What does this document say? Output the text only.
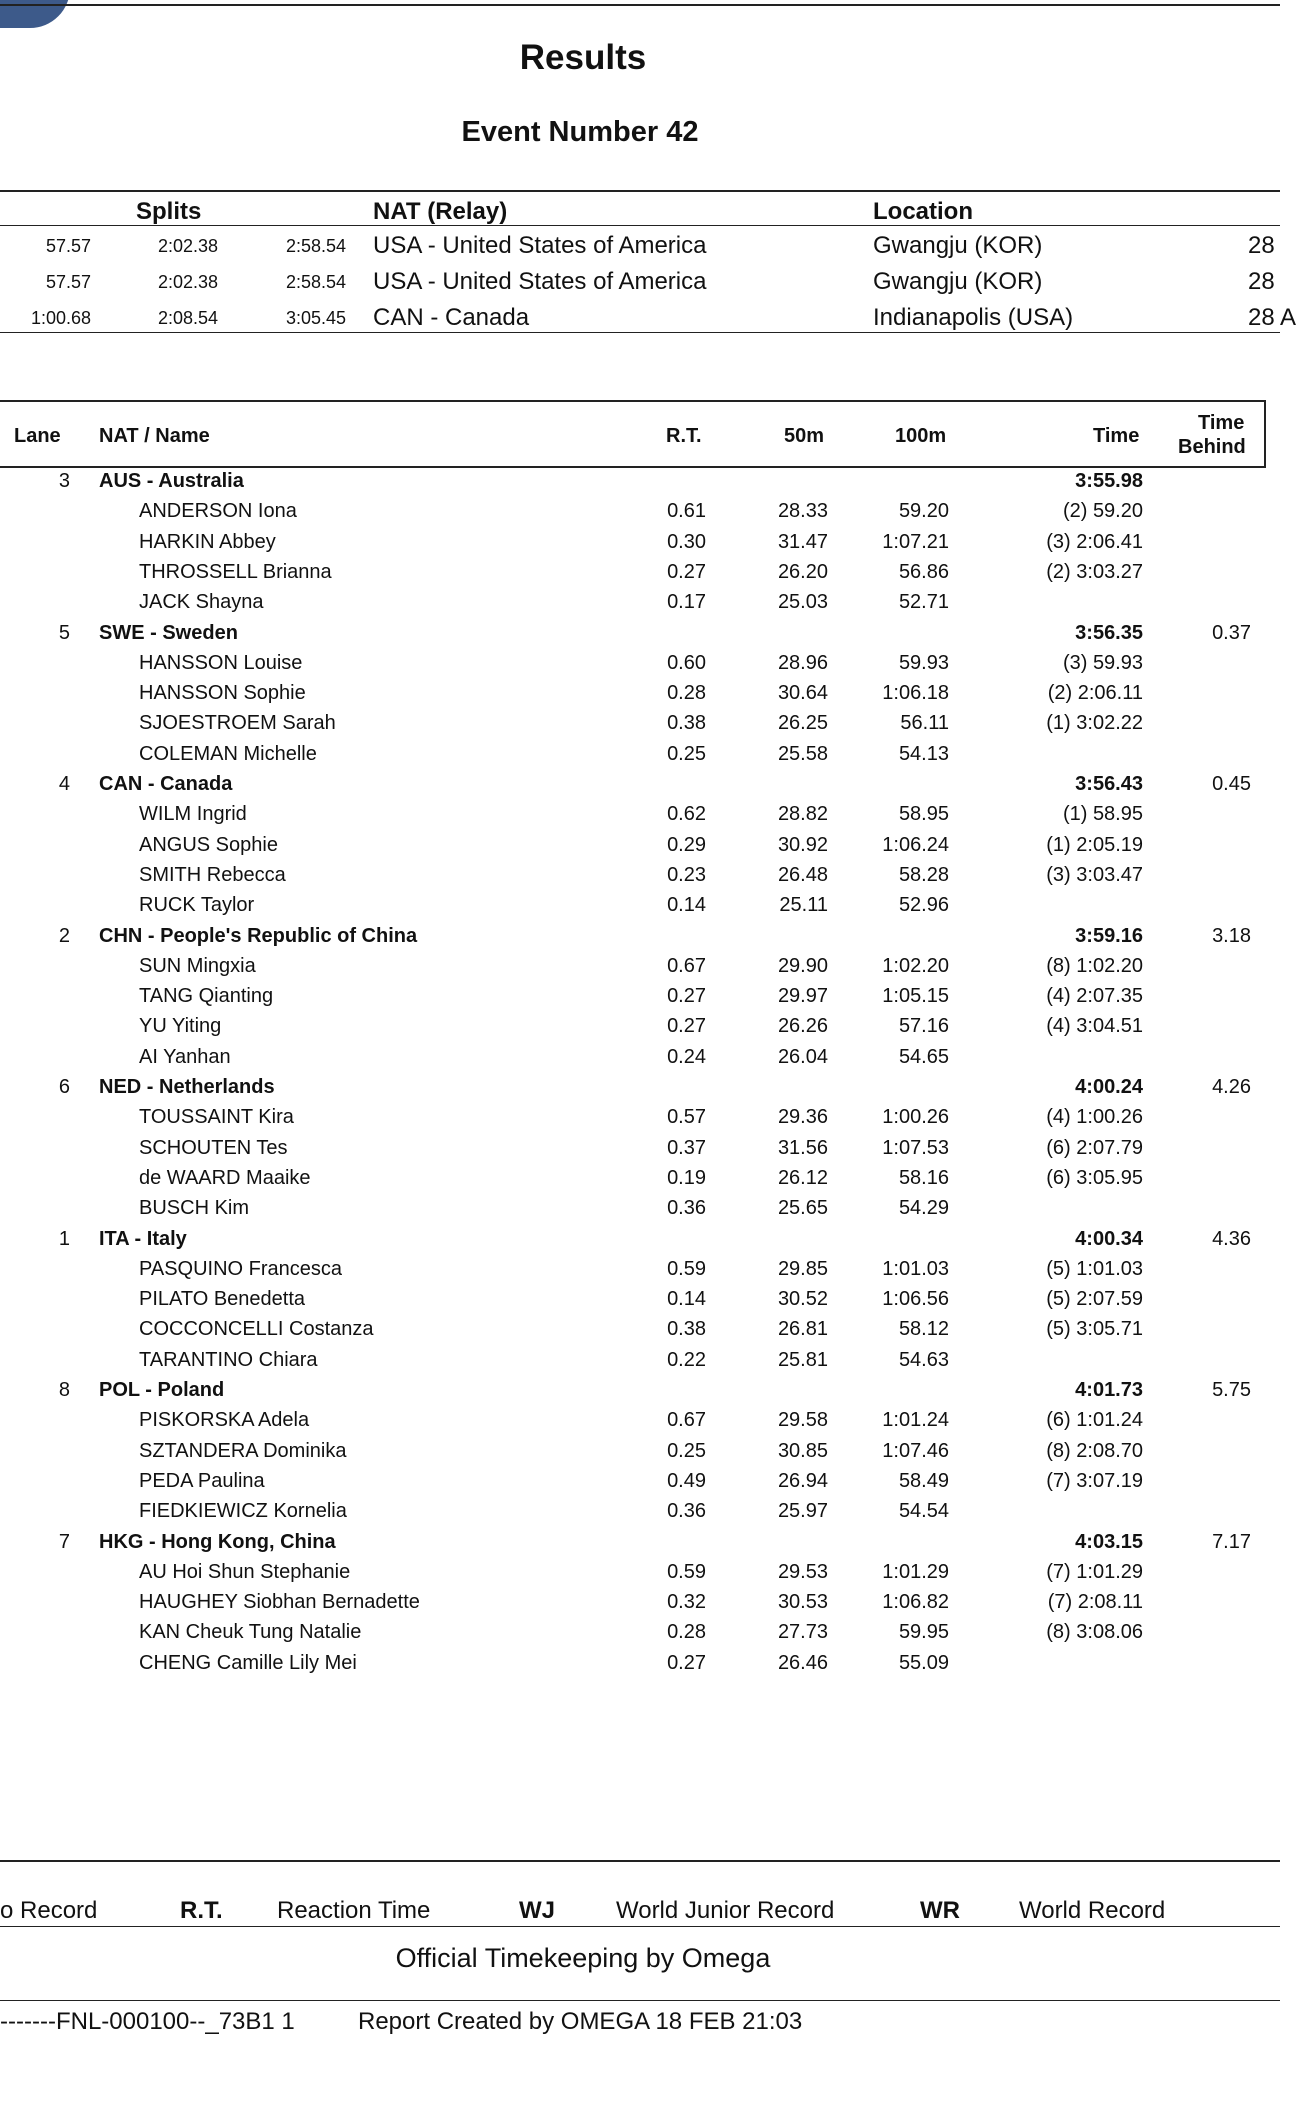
Results
Event Number 42
Splits	NAT (Relay)	Location
57.57	2:02.38	2:58.54 USA - United States of America	Gwangju (KOR)	28
57.57	2:02.38	2:58.54 USA - United States of America	Gwangju (KOR)	28
1:00.68	2:08.54	3:05.45 CAN - Canada	Indianapolis (USA)	28 A
Lane NAT / Name	R.T.	50m	100m	Time
Time
Behind
3 AUS - Australia	3:55.98
ANDERSON Iona	0.61	28.33	59.20	(2) 59.20
HARKIN Abbey	0.30	31.47	1:07.21	(3) 2:06.41
THROSSELL Brianna	0.27	26.20	56.86	(2) 3:03.27
JACK Shayna	0.17	25.03	52.71
5 SWE - Sweden	3:56.35	0.37
HANSSON Louise	0.60	28.96	59.93	(3) 59.93
HANSSON Sophie	0.28	30.64	1:06.18	(2) 2:06.11
SJOESTROEM Sarah	0.38	26.25	56.11	(1) 3:02.22
COLEMAN Michelle	0.25	25.58	54.13
4 CAN - Canada	3:56.43	0.45
WILM Ingrid	0.62	28.82	58.95	(1) 58.95
ANGUS Sophie	0.29	30.92	1:06.24	(1) 2:05.19
SMITH Rebecca	0.23	26.48	58.28	(3) 3:03.47
RUCK Taylor	0.14	25.11	52.96
2 CHN - People's Republic of China	3:59.16	3.18
SUN Mingxia	0.67	29.90	1:02.20	(8) 1:02.20
TANG Qianting	0.27	29.97	1:05.15	(4) 2:07.35
YU Yiting	0.27	26.26	57.16	(4) 3:04.51
AI Yanhan	0.24	26.04	54.65
6 NED - Netherlands	4:00.24	4.26
TOUSSAINT Kira	0.57	29.36	1:00.26	(4) 1:00.26
SCHOUTEN Tes	0.37	31.56	1:07.53	(6) 2:07.79
de WAARD Maaike	0.19	26.12	58.16	(6) 3:05.95
BUSCH Kim	0.36	25.65	54.29
1 ITA - Italy	4:00.34	4.36
PASQUINO Francesca	0.59	29.85	1:01.03	(5) 1:01.03
PILATO Benedetta	0.14	30.52	1:06.56	(5) 2:07.59
COCCONCELLI Costanza	0.38	26.81	58.12	(5) 3:05.71
TARANTINO Chiara	0.22	25.81	54.63
8 POL - Poland	4:01.73	5.75
PISKORSKA Adela	0.67	29.58	1:01.24	(6) 1:01.24
SZTANDERA Dominika	0.25	30.85	1:07.46	(8) 2:08.70
PEDA Paulina	0.49	26.94	58.49	(7) 3:07.19
FIEDKIEWICZ Kornelia	0.36	25.97	54.54
7 HKG - Hong Kong, China	4:03.15	7.17
AU Hoi Shun Stephanie	0.59	29.53	1:01.29	(7) 1:01.29
HAUGHEY Siobhan Bernadette	0.32	30.53	1:06.82	(7) 2:08.11
KAN Cheuk Tung Natalie	0.28	27.73	59.95	(8) 3:08.06
CHENG Camille Lily Mei	0.27	26.46	55.09
o Record	R.T. Reaction Time	WJ	World Junior Record	WR World Record
Official Timekeeping by Omega
-------FNL-000100--_73B1 1	Report Created by OMEGA 18 FEB 21:03
